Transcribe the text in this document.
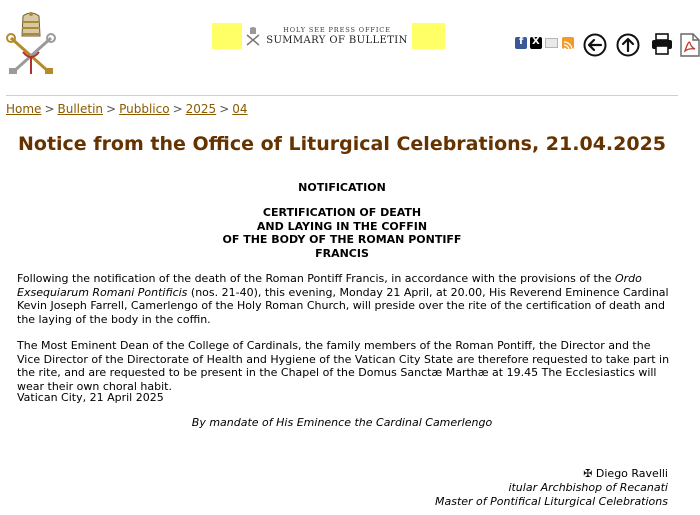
HOLY SEE PRESS OFFICE
SUMMARY OF BULLETIN	f X
Home > Bulletin > Pubblico > 2025 > 04
Notice from the Office of Liturgical Celebrations, 21.04.2025
NOTIFICATION
CERTIFICATION OF DEATH
AND LAYING IN THE COFFIN
OF THE BODY OF THE ROMAN PONTIFF
FRANCIS

Following the notification of the death of the Roman Pontiff Francis, in accordance with the provisions of the Ordo Exsequiarum Romani Pontificis (nos. 21-40), this evening, Monday 21 April, at 20.00, His Reverend Eminence Cardinal Kevin Joseph Farrell, Camerlengo of the Holy Roman Church, will preside over the rite of the certification of death and the laying of the body in the coffin.

The Most Eminent Dean of the College of Cardinals, the family members of the Roman Pontiff, the Director and the Vice Director of the Directorate of Health and Hygiene of the Vatican City State are therefore requested to take part in the rite, and are requested to be present in the Chapel of the Domus Sanctæ Marthæ at 19.45 The Ecclesiastics will wear their own choral habit.

Vatican City, 21 April 2025

By mandate of His Eminence the Cardinal Camerlengo
✠ Diego Ravelli
itular Archbishop of Recanati
Master of Pontifical Liturgical Celebrations
